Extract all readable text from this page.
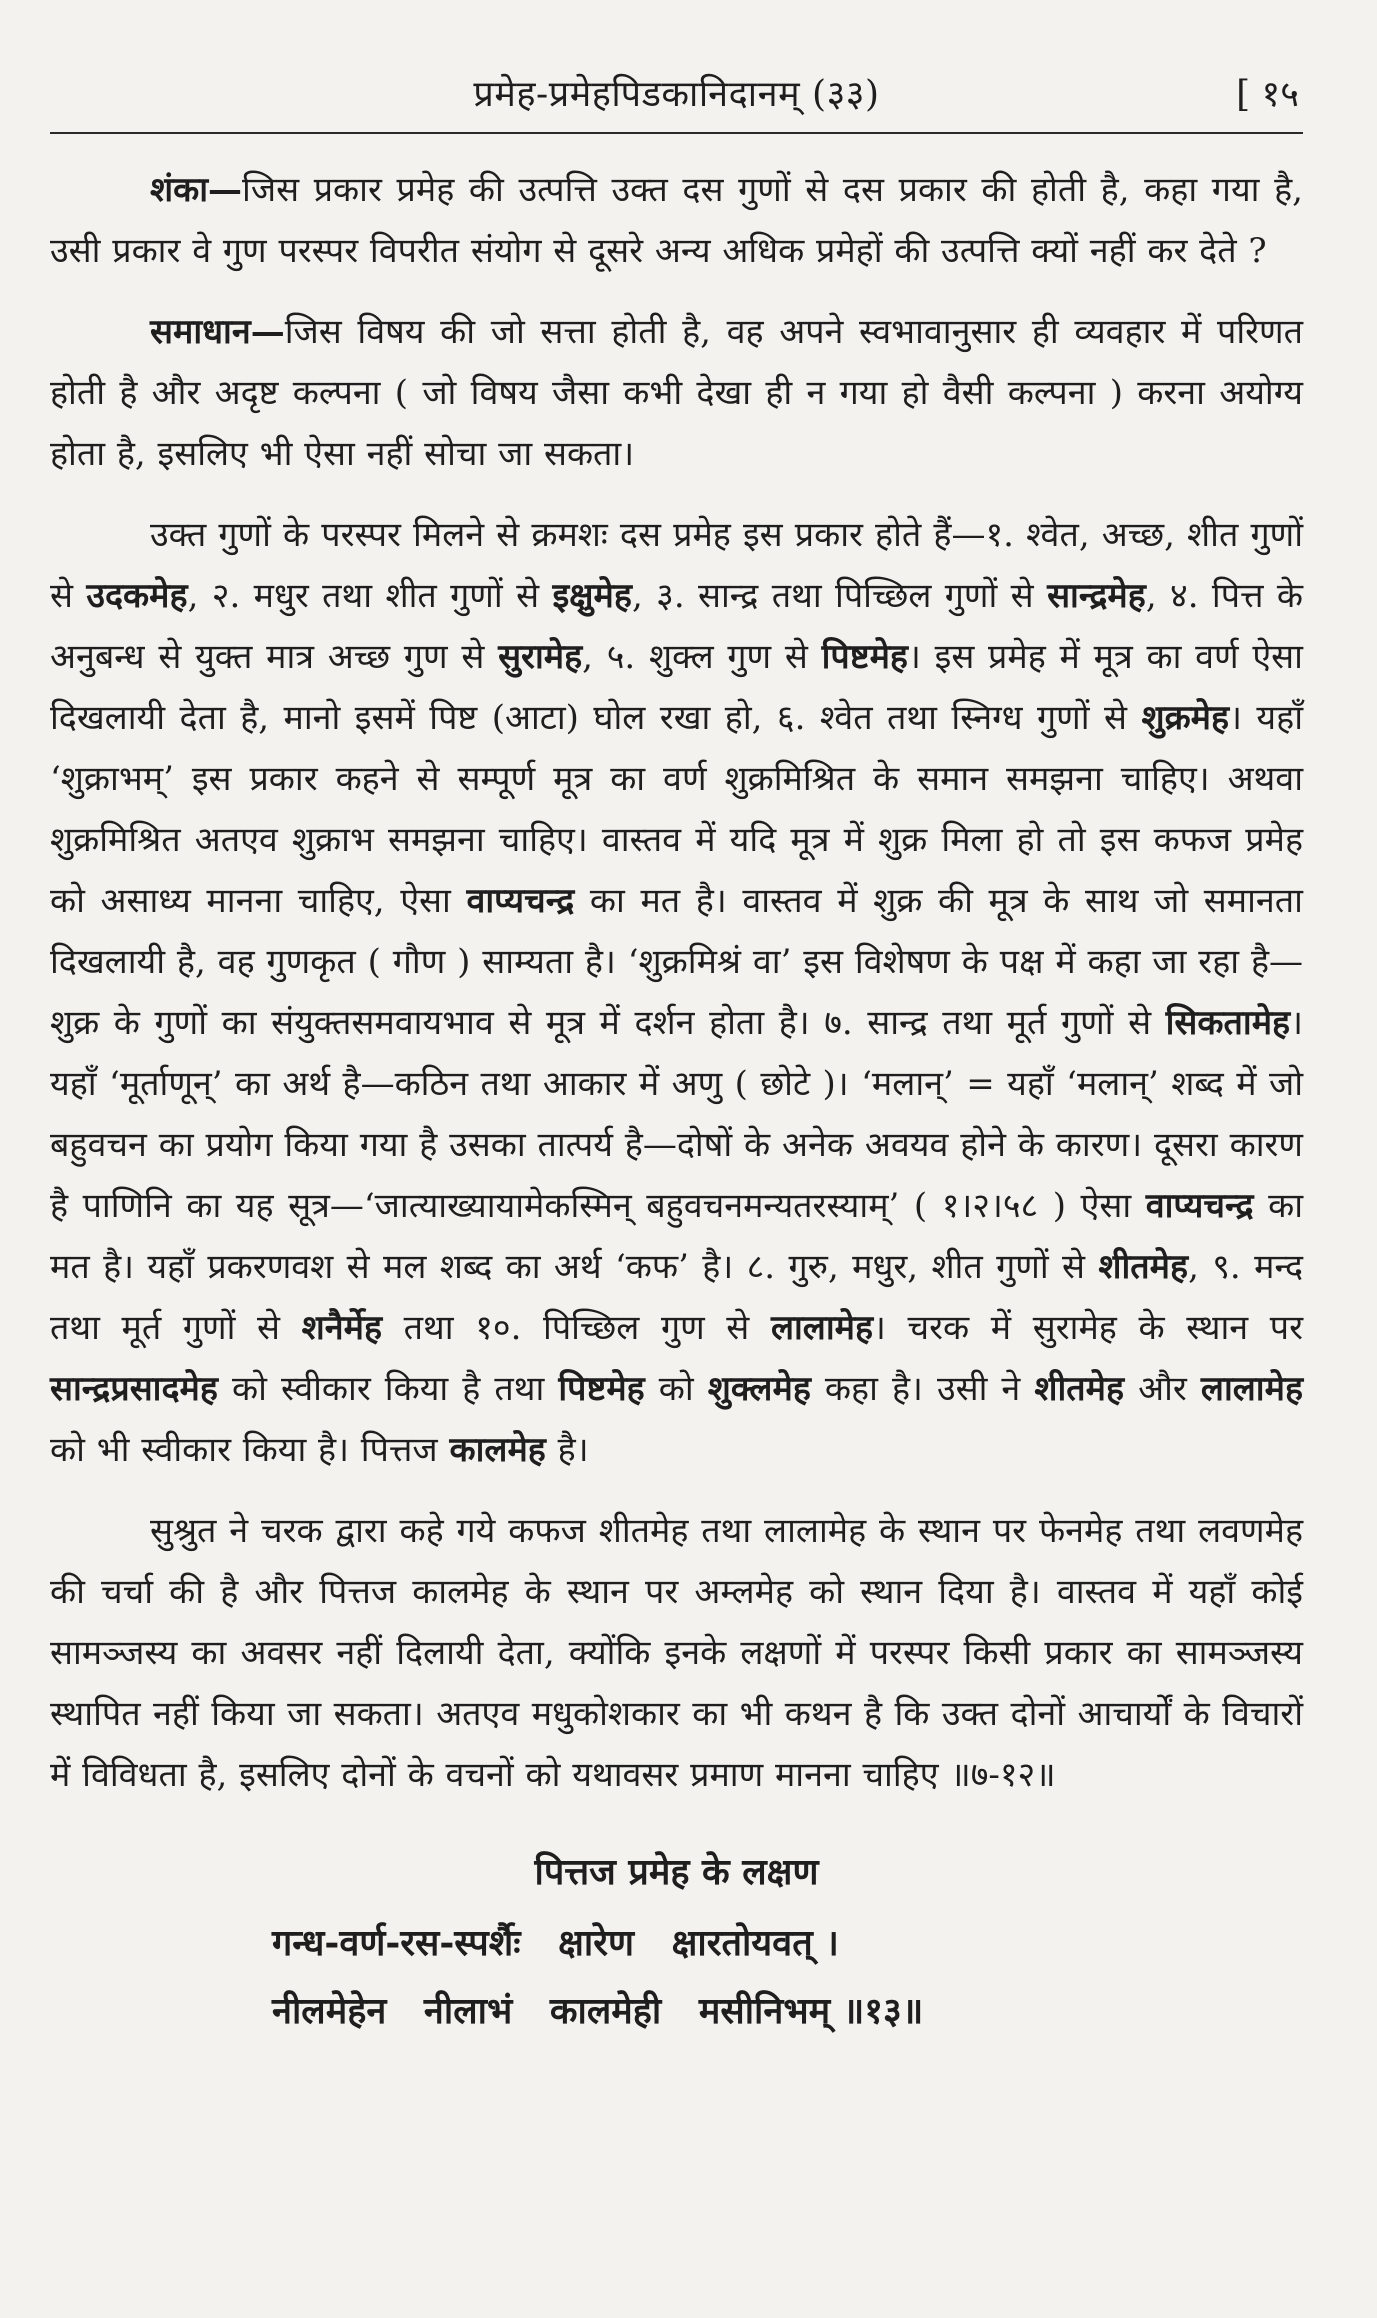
प्रमेह-प्रमेहपिडकानिदानम् (३३)	[ १५

शंका—जिस प्रकार प्रमेह की उत्पत्ति उक्त दस गुणों से दस प्रकार की होती है, कहा गया है, उसी प्रकार वे गुण परस्पर विपरीत संयोग से दूसरे अन्य अधिक प्रमेहों की उत्पत्ति क्यों नहीं कर देते ?

समाधान—जिस विषय की जो सत्ता होती है, वह अपने स्वभावानुसार ही व्यवहार में परिणत होती है और अदृष्ट कल्पना ( जो विषय जैसा कभी देखा ही न गया हो वैसी कल्पना ) करना अयोग्य होता है, इसलिए भी ऐसा नहीं सोचा जा सकता।

उक्त गुणों के परस्पर मिलने से क्रमशः दस प्रमेह इस प्रकार होते हैं—१. श्वेत, अच्छ, शीत गुणों से उदकमेह, २. मधुर तथा शीत गुणों से इक्षुमेह, ३. सान्द्र तथा पिच्छिल गुणों से सान्द्रमेह, ४. पित्त के अनुबन्ध से युक्त मात्र अच्छ गुण से सुरामेह, ५. शुक्ल गुण से पिष्टमेह। इस प्रमेह में मूत्र का वर्ण ऐसा दिखलायी देता है, मानो इसमें पिष्ट (आटा) घोल रखा हो, ६. श्वेत तथा स्निग्ध गुणों से शुक्रमेह। यहाँ ‘शुक्राभम्’ इस प्रकार कहने से सम्पूर्ण मूत्र का वर्ण शुक्रमिश्रित के समान समझना चाहिए। अथवा शुक्रमिश्रित अतएव शुक्राभ समझना चाहिए। वास्तव में यदि मूत्र में शुक्र मिला हो तो इस कफज प्रमेह को असाध्य मानना चाहिए, ऐसा वाप्यचन्द्र का मत है। वास्तव में शुक्र की मूत्र के साथ जो समानता दिखलायी है, वह गुणकृत ( गौण ) साम्यता है। ‘शुक्रमिश्रं वा’ इस विशेषण के पक्ष में कहा जा रहा है—शुक्र के गुणों का संयुक्तसमवायभाव से मूत्र में दर्शन होता है। ७. सान्द्र तथा मूर्त गुणों से सिकतामेह। यहाँ ‘मूर्ताणून्’ का अर्थ है—कठिन तथा आकार में अणु ( छोटे )। ‘मलान्’ = यहाँ ‘मलान्’ शब्द में जो बहुवचन का प्रयोग किया गया है उसका तात्पर्य है—दोषों के अनेक अवयव होने के कारण। दूसरा कारण है पाणिनि का यह सूत्र—‘जात्याख्यायामेकस्मिन् बहुवचनमन्यतरस्याम्’ ( १।२।५८ ) ऐसा वाप्यचन्द्र का मत है। यहाँ प्रकरणवश से मल शब्द का अर्थ ‘कफ’ है। ८. गुरु, मधुर, शीत गुणों से शीतमेह, ९. मन्द तथा मूर्त गुणों से शनैर्मेह तथा १०. पिच्छिल गुण से लालामेह। चरक में सुरामेह के स्थान पर सान्द्रप्रसादमेह को स्वीकार किया है तथा पिष्टमेह को शुक्लमेह कहा है। उसी ने शीतमेह और लालामेह को भी स्वीकार किया है। पित्तज कालमेह है।

सुश्रुत ने चरक द्वारा कहे गये कफज शीतमेह तथा लालामेह के स्थान पर फेनमेह तथा लवणमेह की चर्चा की है और पित्तज कालमेह के स्थान पर अम्लमेह को स्थान दिया है। वास्तव में यहाँ कोई सामञ्जस्य का अवसर नहीं दिलायी देता, क्योंकि इनके लक्षणों में परस्पर किसी प्रकार का सामञ्जस्य स्थापित नहीं किया जा सकता। अतएव मधुकोशकार का भी कथन है कि उक्त दोनों आचार्यों के विचारों में विविधता है, इसलिए दोनों के वचनों को यथावसर प्रमाण मानना चाहिए ॥७-१२॥

पित्तज प्रमेह के लक्षण
गन्ध-वर्ण-रस-स्पर्शैः   क्षारेण   क्षारतोयवत् ।
नीलमेहेन   नीलाभं   कालमेही   मसीनिभम् ॥१३॥
